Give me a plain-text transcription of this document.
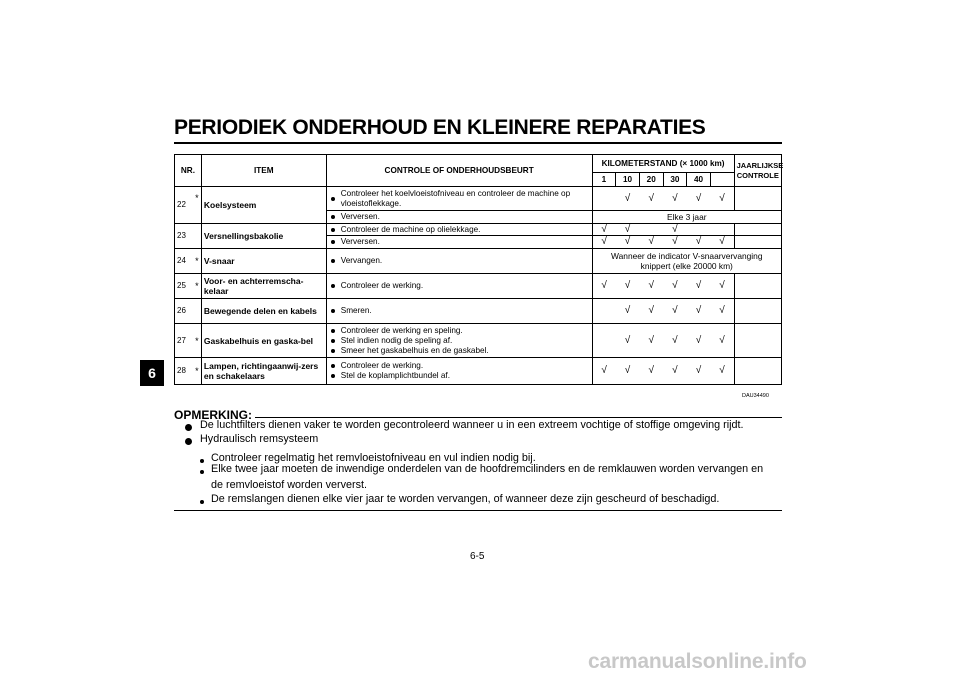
PERIODIEK ONDERHOUD EN KLEINERE REPARATIES
6
NR.		ITEM	CONTROLE OF ONDERHOUDSBEURT	KILOMETERSTAND (× 1000 km)						JAARLIJKSE
CONTROLE
				1	10	20	30	40		
22	*	Koelsysteem	Controleer het koelvloeistofniveau en controleer de machine op vloeistoflekkage.		√	√	√	√	√	

Verversen.	Elke 3 jaar						
23		Versnellingsbakolie	Controleer de machine op olielekkage.	√	√		√			

Verversen.	√	√	√	√	√	√	
24	*	V-snaar	Vervangen.	Wanneer de indicator V-snaarvervanging knippert (elke 20000 km)						
25	*	Voor- en achterremscha-kelaar	Controleer de werking.	√	√	√	√	√	√	
26		Bewegende delen en kabels	Smeren.		√	√	√	√	√	
27	*	Gaskabelhuis en gaska-bel	Controleer de werking en speling.
Stel indien nodig de speling af.
Smeer het gaskabelhuis en de gaskabel.		√	√	√	√	√	
28	*	Lampen, richtingaanwij-zers en schakelaars	Controleer de werking.
Stel de koplamplichtbundel af.	√	√	√	√	√	√	
DAU34490
OPMERKING:
De luchtfilters dienen vaker te worden gecontroleerd wanneer u in een extreem vochtige of stoffige omgeving rijdt.
Hydraulisch remsysteem
Controleer regelmatig het remvloeistofniveau en vul indien nodig bij.
Elke twee jaar moeten de inwendige onderdelen van de hoofdremcilinders en de remklauwen worden vervangen en
de remvloeistof worden ververst.
De remslangen dienen elke vier jaar te worden vervangen, of wanneer deze zijn gescheurd of beschadigd.
6-5
carmanualsonline.info
